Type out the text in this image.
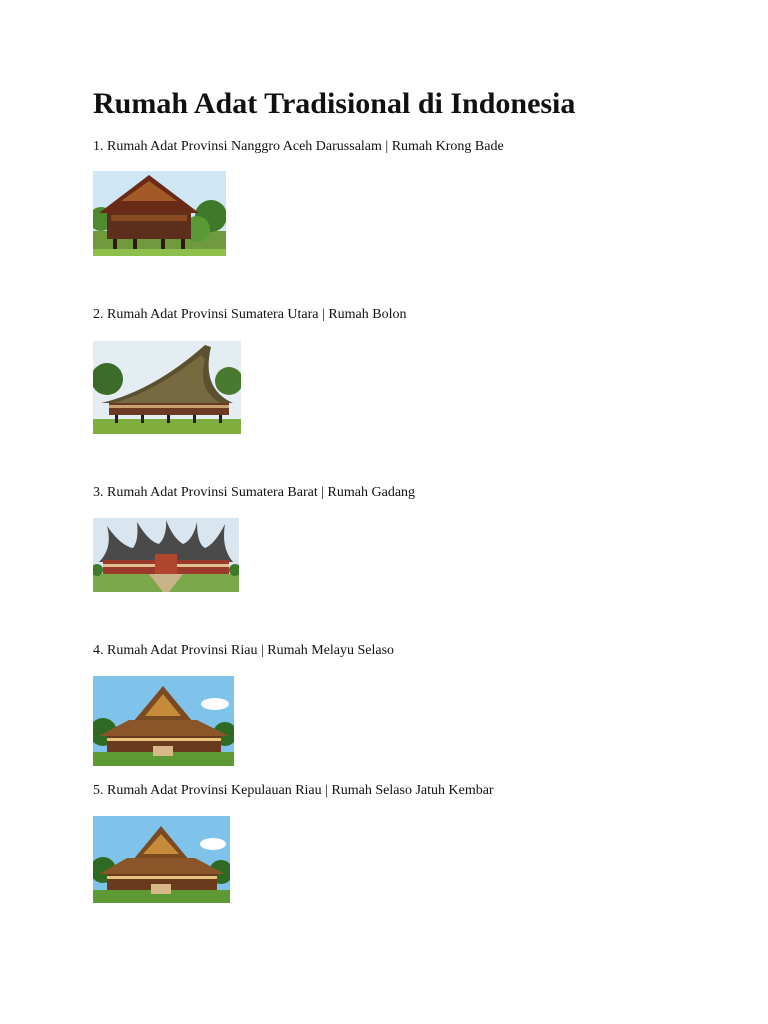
Rumah Adat Tradisional di Indonesia

1. Rumah Adat Provinsi Nanggro Aceh Darussalam | Rumah Krong Bade

2. Rumah Adat Provinsi Sumatera Utara | Rumah Bolon

3. Rumah Adat Provinsi Sumatera Barat | Rumah Gadang

4. Rumah Adat Provinsi Riau | Rumah Melayu Selaso

5. Rumah Adat Provinsi Kepulauan Riau | Rumah Selaso Jatuh Kembar
